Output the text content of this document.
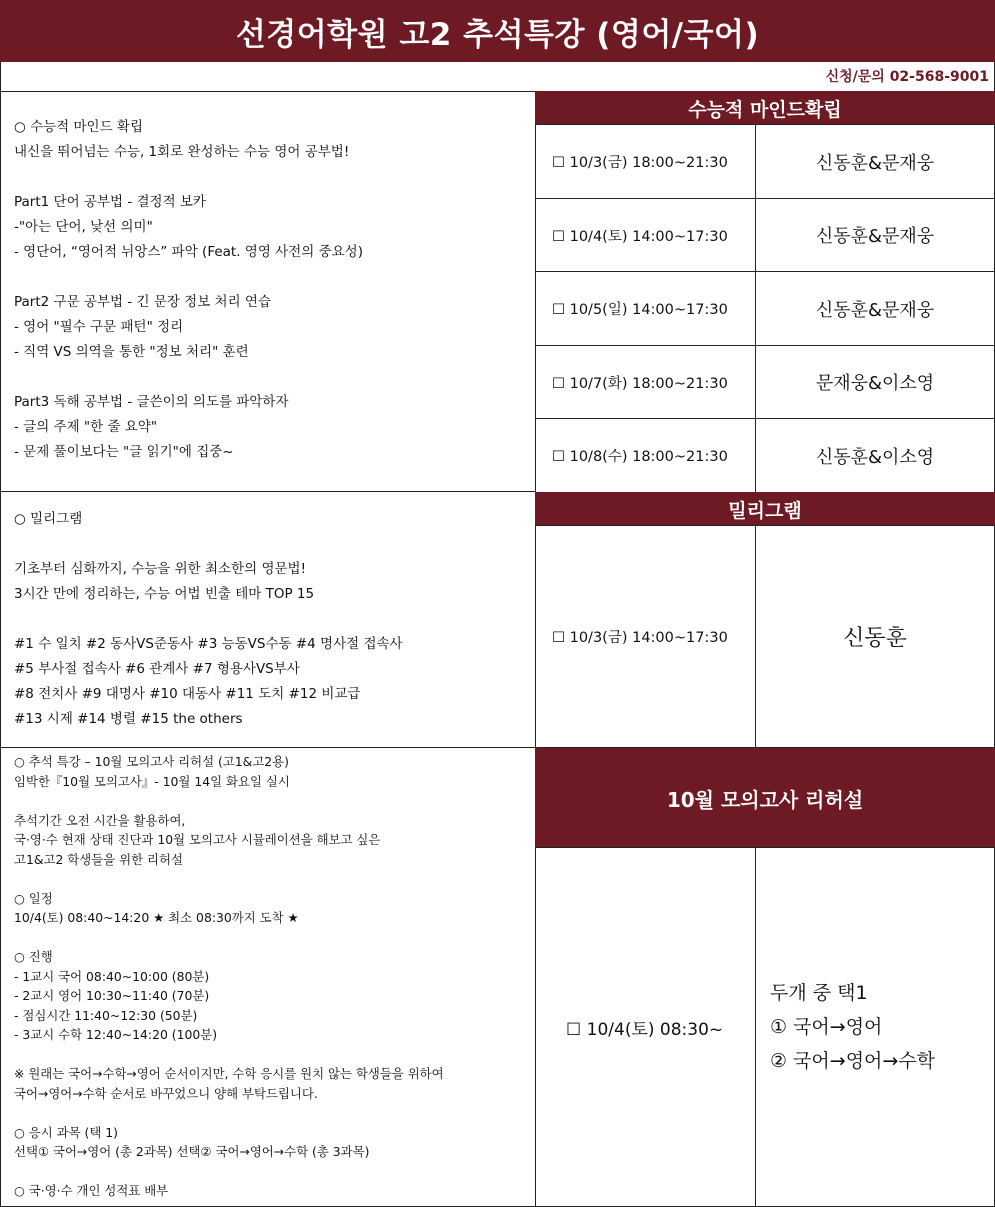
선경어학원 고2 추석특강 (영어/국어)
신청/문의 02-568-9001

○ 수능적 마인드 확립

내신을 뛰어넘는 수능, 1회로 완성하는 수능 영어 공부법!

Part1 단어 공부법 - 결정적 보카

-"아는 단어, 낯선 의미"

- 영단어, “영어적 뉘앙스” 파악 (Feat. 영영 사전의 중요성)

Part2 구문 공부법 - 긴 문장 정보 처리 연습

- 영어 "필수 구문 패턴" 정리

- 직역 VS 의역을 통한 "정보 처리" 훈련

Part3 독해 공부법 - 글쓴이의 의도를 파악하자

- 글의 주제 "한 줄 요약"

- 문제 풀이보다는 "글 읽기"에 집중~

수능적 마인드확립
☐ 10/3(금) 18:00~21:30	신동훈&문재웅
☐ 10/4(토) 14:00~17:30	신동훈&문재웅
☐ 10/5(일) 14:00~17:30	신동훈&문재웅
☐ 10/7(화) 18:00~21:30	문재웅&이소영
☐ 10/8(수) 18:00~21:30	신동훈&이소영

○ 밀리그램

기초부터 심화까지, 수능을 위한 최소한의 영문법!

3시간 만에 정리하는, 수능 어법 빈출 테마 TOP 15

#1 수 일치 #2 동사VS준동사 #3 능동VS수동 #4 명사절 접속사

#5 부사절 접속사 #6 관계사 #7 형용사VS부사

#8 전치사 #9 대명사 #10 대동사 #11 도치 #12 비교급

#13 시제 #14 병렬 #15 the others

밀리그램
☐ 10/3(금) 14:00~17:30	신동훈

○ 추석 특강 – 10월 모의고사 리허설 (고1&고2용)

임박한『10월 모의고사』- 10월 14일 화요일 실시

추석기간 오전 시간을 활용하여,

국·영·수 현재 상태 진단과 10월 모의고사 시뮬레이션을 해보고 싶은

고1&고2 학생들을 위한 리허설

○ 일정

10/4(토) 08:40~14:20 ★ 최소 08:30까지 도착 ★

○ 진행

- 1교시 국어 08:40~10:00 (80분)

- 2교시 영어 10:30~11:40 (70분)

- 점심시간 11:40~12:30 (50분)

- 3교시 수학 12:40~14:20 (100분)

※ 원래는 국어→수학→영어 순서이지만, 수학 응시를 원치 않는 학생들을 위하여

국어→영어→수학 순서로 바꾸었으니 양해 부탁드립니다.

○ 응시 과목 (택 1)

선택① 국어→영어 (총 2과목) 선택② 국어→영어→수학 (총 3과목)

○ 국·영·수 개인 성적표 배부

10월 모의고사 리허설
☐ 10/4(토) 08:30~
두개 중 택1
① 국어→영어
② 국어→영어→수학
